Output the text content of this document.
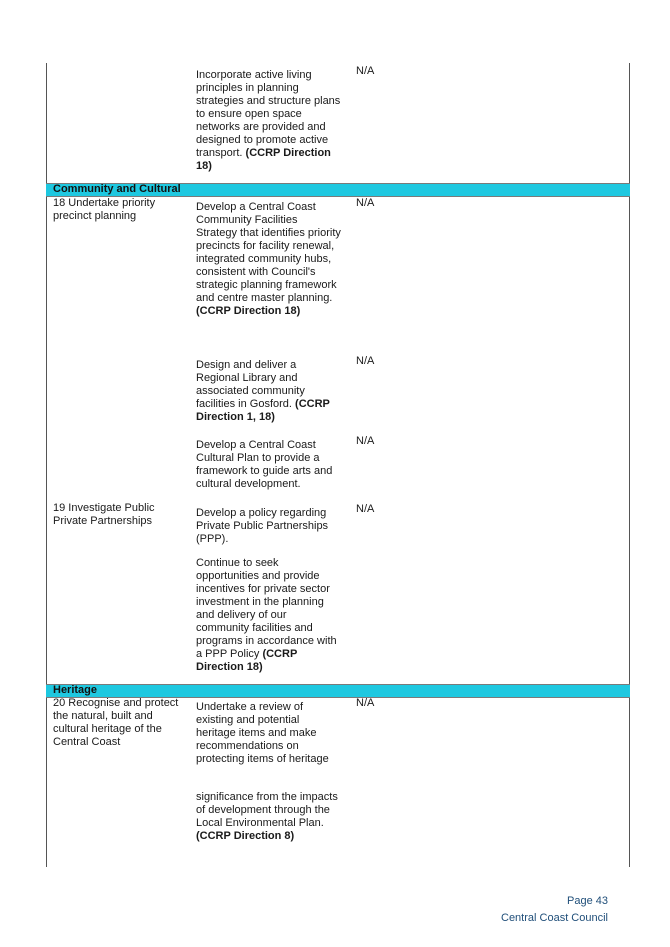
Incorporate active living principles in planning strategies and structure plans to ensure open space networks are provided and designed to promote active transport. (CCRP Direction 18)
N/A
Community and Cultural
18 Undertake priority precinct planning
Develop a Central Coast Community Facilities Strategy that identifies priority precincts for facility renewal, integrated community hubs, consistent with Council's strategic planning framework and centre master planning. (CCRP Direction 18)
N/A
Design and deliver a Regional Library and associated community facilities in Gosford. (CCRP Direction 1, 18)
N/A
Develop a Central Coast Cultural Plan to provide a framework to guide arts and cultural development.
N/A
19 Investigate Public Private Partnerships
Develop a policy regarding Private Public Partnerships (PPP).
N/A
Continue to seek opportunities and provide incentives for private sector investment in the planning and delivery of our community facilities and programs in accordance with a PPP Policy (CCRP Direction 18)
Heritage
20 Recognise and protect the natural, built and cultural heritage of the Central Coast
Undertake a review of existing and potential heritage items and make recommendations on protecting items of heritage
N/A
significance from the impacts of development through the Local Environmental Plan.
(CCRP Direction 8)
Page 43
Central Coast Council
